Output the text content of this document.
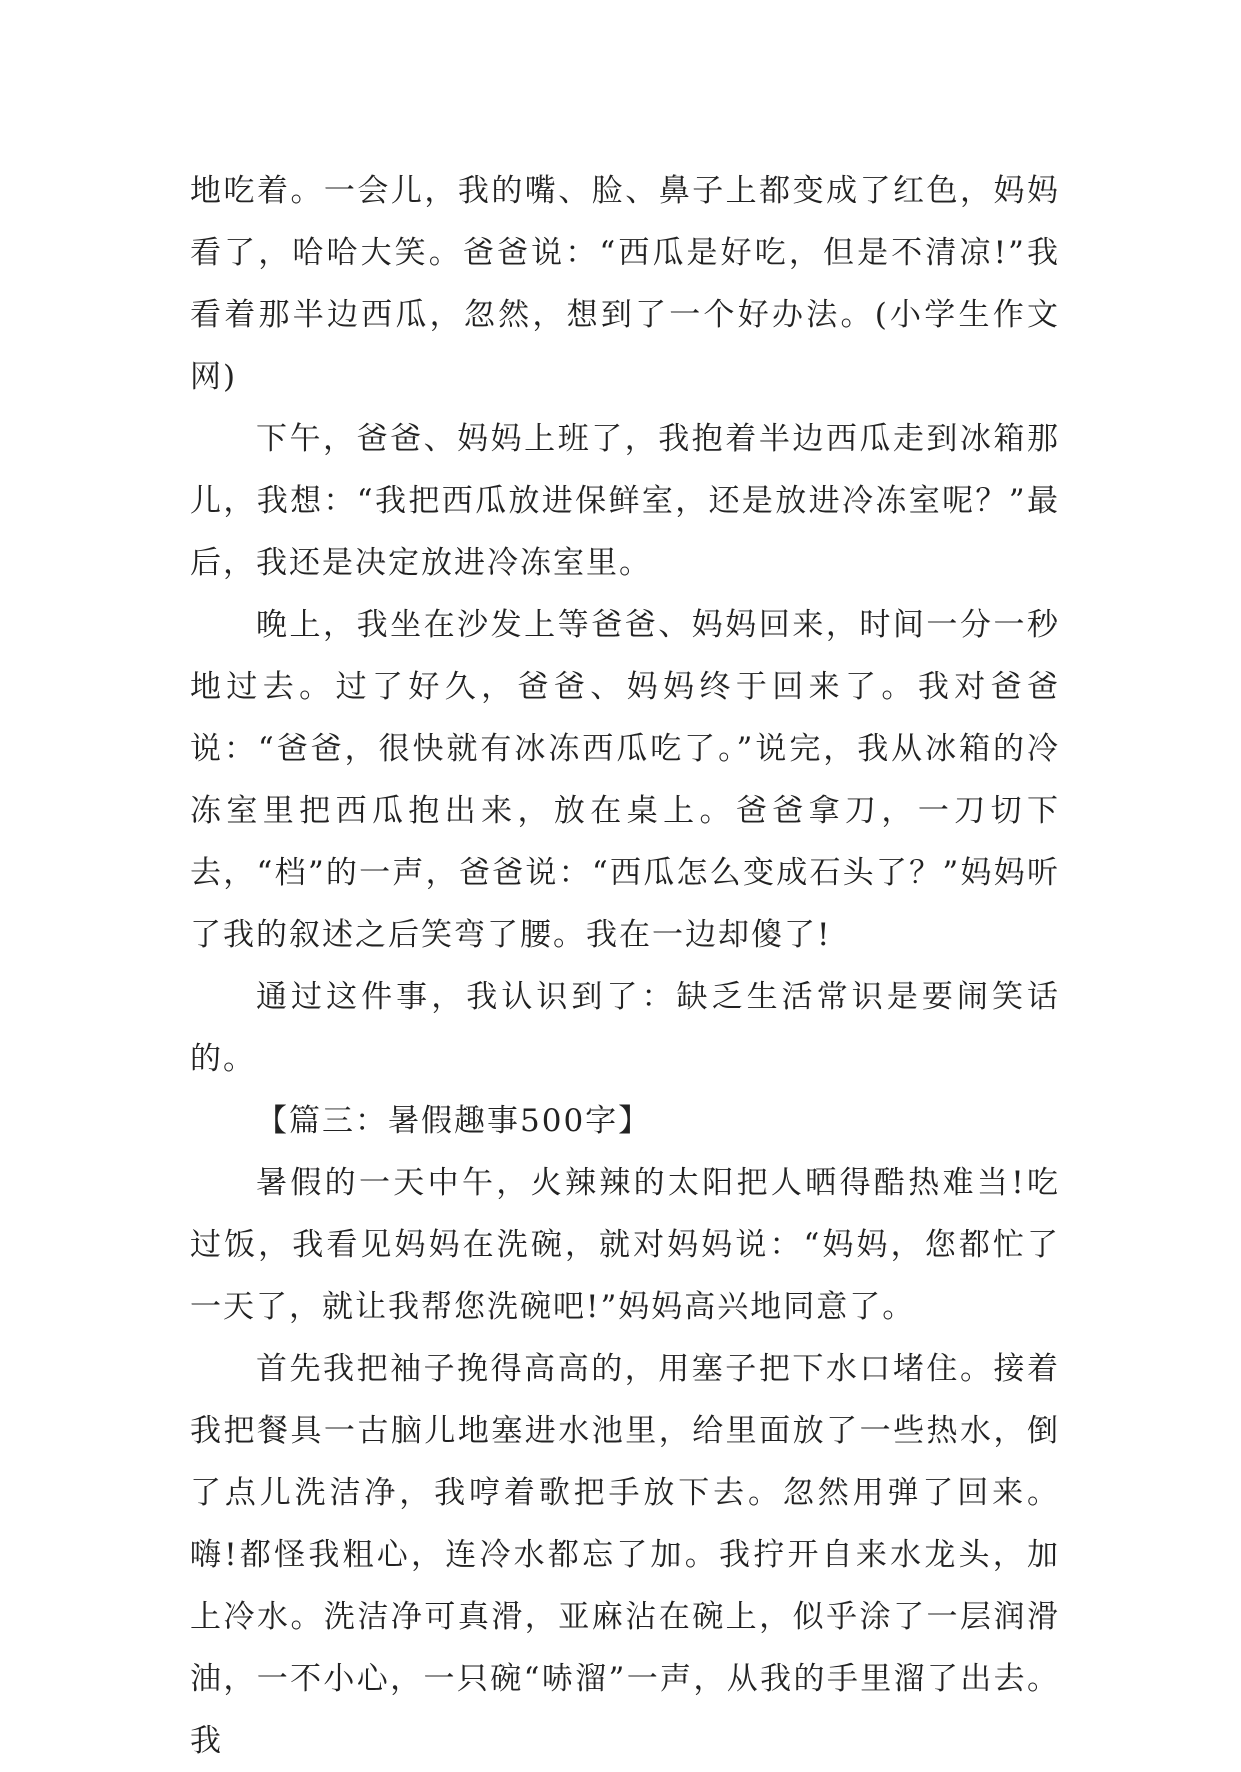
地吃着。一会儿，我的嘴、脸、鼻子上都变成了红色，妈妈看了，哈哈大笑。爸爸说：“西瓜是好吃，但是不清凉!”我看着那半边西瓜，忽然，想到了一个好办法。(小学生作文网)

下午，爸爸、妈妈上班了，我抱着半边西瓜走到冰箱那儿，我想：“我把西瓜放进保鲜室，还是放进冷冻室呢？”最后，我还是决定放进冷冻室里。

晚上，我坐在沙发上等爸爸、妈妈回来，时间一分一秒地过去。过了好久，爸爸、妈妈终于回来了。我对爸爸说：“爸爸，很快就有冰冻西瓜吃了。”说完，我从冰箱的冷冻室里把西瓜抱出来，放在桌上。爸爸拿刀，一刀切下去，“档”的一声，爸爸说：“西瓜怎么变成石头了？”妈妈听了我的叙述之后笑弯了腰。我在一边却傻了!

通过这件事，我认识到了：缺乏生活常识是要闹笑话的。

【篇三：暑假趣事500字】

暑假的一天中午，火辣辣的太阳把人晒得酷热难当!吃过饭，我看见妈妈在洗碗，就对妈妈说：“妈妈，您都忙了一天了，就让我帮您洗碗吧!”妈妈高兴地同意了。

首先我把袖子挽得高高的，用塞子把下水口堵住。接着我把餐具一古脑儿地塞进水池里，给里面放了一些热水，倒了点儿洗洁净，我哼着歌把手放下去。忽然用弹了回来。嗨!都怪我粗心，连冷水都忘了加。我拧开自来水龙头，加上冷水。洗洁净可真滑，亚麻沾在碗上，似乎涂了一层润滑油，一不小心，一只碗“哧溜”一声，从我的手里溜了出去。我
